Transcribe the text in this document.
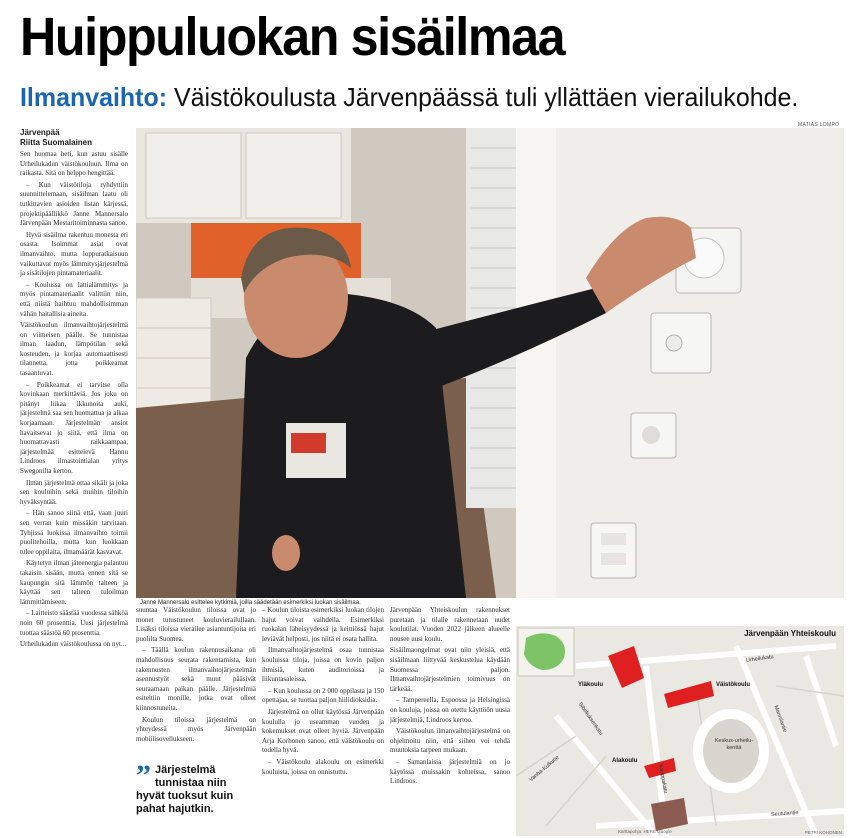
Huippuluokan sisäilmaa
Ilmanvaihto: Väistökoulusta Järvenpäässä tuli yllättäen vierailukohde.
MATIAS LOMPO
Järvenpää
Riitta Suomalainen

Sen huomaa heti, kun astuu sisälle Urheilukadun väistökouluun. Ilma on raikasta. Sitä on helppo hengittää.

– Kun väistötiloja ryhdyttiin suunnittelemaan, sisäilman laatu oli tutkittavien asioiden listan kärjessä, projektipäällikkö Janne Mannersalo Järvenpään Mestaritoiminnasta sanoo.

Hyvä sisäilma rakentuu monesta eri osasta. Isoimmat asiat ovat ilmanvaihto, mutta loppuratkaisuun vaikuttavat myös lämmitysjärjestelmä ja sisätilojen pintamateriaalit.

– Koulussa on lattialämmitys ja myös pintamateriaalit valittiin niin, että niistä haihtuu mahdollisimman vähän haitallisia aineita.

Väistökoulun ilmanvaihtojärjestelmä on viimeisen päälle. Se tunnistaa ilman laadun, lämpötilan sekä kosteuden, ja korjaa automaattisesti tilannetta, jotta poikkeamat tasaantuvat.

– Poikkeamat ei tarvitse olla kovinkaan merkittäviä. Jos joku on pitänyt liikaa ikkunoita auki, järjestelmä saa sen huomattua ja alkaa korjaamaan. Järjestelmän ansiot havaitsevat jo siitä, että ilma on huomattavasti raikkaampaa, järjestelmää esittelevä Hannu Lindroos ilmastointialan yritys Swegonilta kertoo.

Ilman järjestelmä ottaa sikäli ja joka sen kouluihin sekä muihin tiloihin hyväksyntää.

– Hän sanoo siinä että, vaan juuri sen verran kuin missäkin tarvitaan. Tyhjissä luokissa ilmanvaihto toimii puolitehoilla, mutta kun luokkaan tulee oppilaita, ilmamäärät kasvavat.

Käytetyn ilman jäteenergia palautuu takaisin sisään, mutta ennen sitä se kaupungin sitä lämmön talteen ja käyttää sen talteen tuloilman lämmittämiseen.

– Laitteisto säästää vuodessa sähköä noin 60 prosenttia. Uusi järjestelmä tuottaa säästöä 60 prosenttia.

Urheilukadun väistökoulussa on nyt...

Janne Mannersalo esittelee kytkimiä, joilla säädetään esimerkiksi luokan sisäilmaa.

suuntaa Väistökoulun tiloissa ovat jo monet tutustuneet kouluvierailullaan. Lisäksi tiloissa vierailee asiantuntijoita eri puolilta Suomea.

– Täällä koulun rakennusaikana oli mahdollisuus seurata rakentamista, kun rakennusten ilmanvaihtojärjestelmän asennustyöt sekä muut pääsivät seuraamaan paikan päälle. Järjestelmiä esiteltiin monille, jotka ovat olleet kiinnostuneita.

Koulun tiloissa järjestelmä on yhteydessä myös Järvenpään mobiilisovellukseen.

” Järjestelmä tunnistaa niin hyvät tuoksut kuin pahat hajutkin.

– Koulun tiloista esimerkiksi luokan tilojen hajut voivat vaihdella. Esimerkiksi ruokalan läheisyydessä ja keittiössä hajut leviävät helposti, jos niitä ei osata hallita.

Ilmanvaihtojärjestelmä osaa tunnistaa kouluissa tiloja, joissa on kovin paljon ihmisiä, kuten auditorioissa ja liikuntasaleissa.

– Kun koulussa on 2 000 oppilasta ja 150 opettajaa, se tuottaa paljon hiilidioksidia.

Järjestelmä on ollut käytössä Järvenpään koululla jo useamman vuoden ja kokemukset ovat olleet hyviä. Järvenpään Arja Korhonen sanoo, että väistökoulu on todella hyvä.

– Väistökoulu alakoulu on esimerkki kouluista, joissa on onnistuttu.

Järvenpään Yhteiskoulun rakennukset puretaan ja tilalle rakennetaan uudet koulutilat. Vuoden 2022 jälkeen alueelle nousee uusi koulu.

Sisäilmaongelmat ovat niin yleisiä, että sisäilmaan liittyvää keskustelua käydään Suomessa paljon. Ilmanvaihtojärjestelmien toimivuus on tärkeää.

– Tampereella, Espoossa ja Helsingissä on kouluja, joissa on otettu käyttöön uusia järjestelmiä, Lindroos kertoo.

Väistökoulun ilmanvaihtojärjestelmä on ohjelmoitu niin, että siihen voi tehdä muutoksia tarpeen mukaan.

– Samanlaisia järjestelmiä on jo käytössä muissakin kohteissa, sanoo Lindroos.

Järvenpään Yhteiskoulu
Yläkoulu	Väistökoulu
Alakoulu
Keskus-urheilu-kenttä
Urheilukatu
Mannilantie
Seutulantie
Sibeliuksenkatu
Kauppakatu
Vanha-Kulkutie
Karttapohja: HERE Google	PETRI KOHONEN
